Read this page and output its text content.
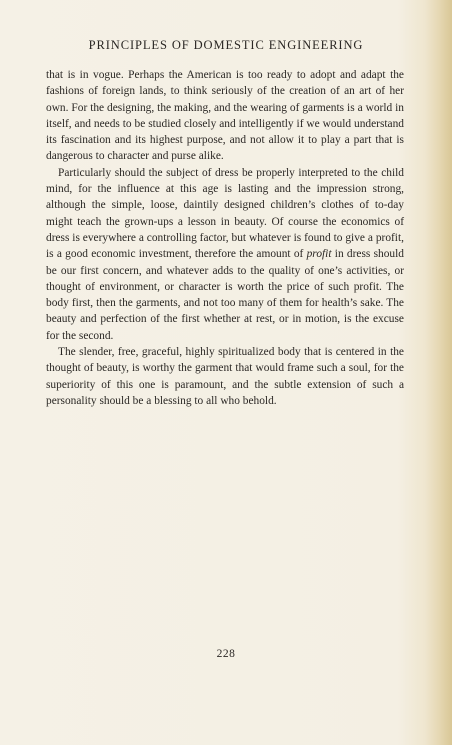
PRINCIPLES OF DOMESTIC ENGINEERING

that is in vogue. Perhaps the American is too ready to adopt and adapt the fashions of foreign lands, to think seriously of the creation of an art of her own. For the designing, the making, and the wearing of garments is a world in itself, and needs to be studied closely and intelligently if we would understand its fascination and its highest purpose, and not allow it to play a part that is dangerous to character and purse alike.

Particularly should the subject of dress be properly interpreted to the child mind, for the influence at this age is lasting and the impression strong, although the simple, loose, daintily designed children’s clothes of to-day might teach the grown-ups a lesson in beauty. Of course the economics of dress is everywhere a controlling factor, but whatever is found to give a profit, is a good economic investment, therefore the amount of profit in dress should be our first concern, and whatever adds to the quality of one’s activities, or thought of environment, or character is worth the price of such profit. The body first, then the garments, and not too many of them for health’s sake. The beauty and perfection of the first whether at rest, or in motion, is the excuse for the second.

The slender, free, graceful, highly spiritualized body that is centered in the thought of beauty, is worthy the garment that would frame such a soul, for the superiority of this one is paramount, and the subtle extension of such a personality should be a blessing to all who behold.

228
